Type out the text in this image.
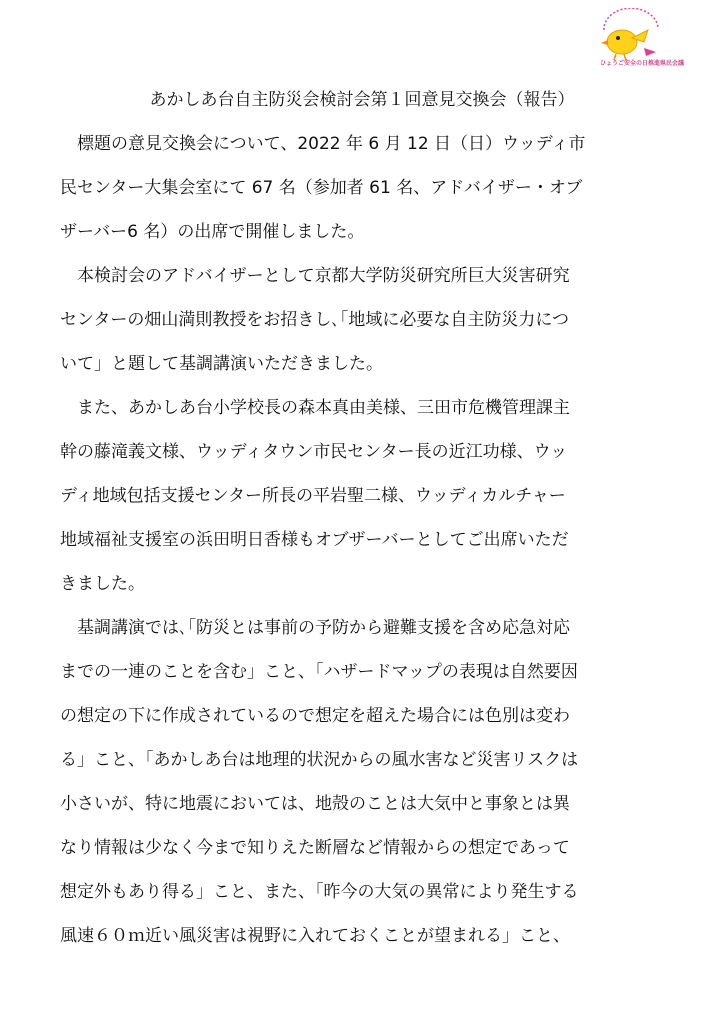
ひょうご安全の日推進県民会議
あかしあ台自主防災会検討会第１回意見交換会（報告）
標題の意見交換会について、2022 年 6 月 12 日（日）ウッディ市
民センター大集会室にて 67 名（参加者 61 名、アドバイザー・オブ
ザーバー6 名）の出席で開催しました。
本検討会のアドバイザーとして京都大学防災研究所巨大災害研究
センターの畑山満則教授をお招きし､｢地域に必要な自主防災力につ
いて」と題して基調講演いただきました。
また、あかしあ台小学校長の森本真由美様、三田市危機管理課主
幹の藤滝義文様、ウッディタウン市民センター長の近江功様、ウッ
ディ地域包括支援センター所長の平岩聖二様、ウッディカルチャー
地域福祉支援室の浜田明日香様もオブザーバーとしてご出席いただ
きました。
基調講演では､｢防災とは事前の予防から避難支援を含め応急対応
までの一連のことを含む」こと、｢ハザードマップの表現は自然要因
の想定の下に作成されているので想定を超えた場合には色別は変わ
る」こと、｢あかしあ台は地理的状況からの風水害など災害リスクは
小さいが、特に地震においては、地殻のことは大気中と事象とは異
なり情報は少なく今まで知りえた断層など情報からの想定であって
想定外もあり得る」こと、また、｢昨今の大気の異常により発生する
風速６０ｍ近い風災害は視野に入れておくことが望まれる」こと、
